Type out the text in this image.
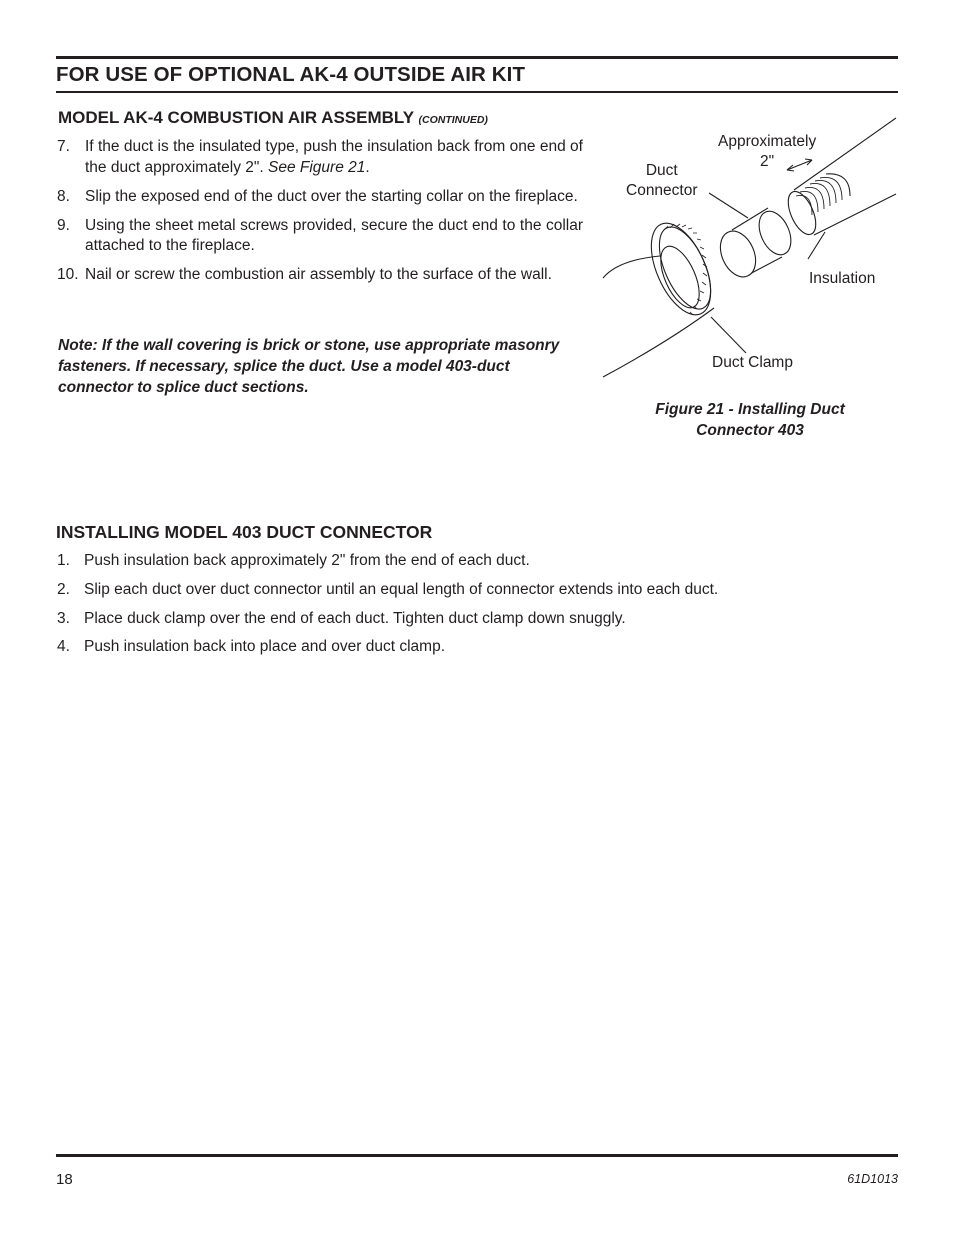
FOR USE OF OPTIONAL AK-4 OUTSIDE AIR KIT
MODEL AK-4 COMBUSTION AIR ASSEMBLY (CONTINUED)
7. If the duct is the insulated type, push the insulation back from one end of the duct approximately 2". See Figure 21.
8. Slip the exposed end of the duct over the starting collar on the fireplace.
9. Using the sheet metal screws provided, secure the duct end to the collar attached to the fireplace.
10. Nail or screw the combustion air assembly to the surface of the wall.

Note: If the wall covering is brick or stone, use appropriate masonry fasteners. If necessary, splice the duct. Use a model 403-duct connector to splice duct sections.

Approximately
2"
Duct
Connector
Insulation
Duct Clamp
Figure 21 - Installing Duct
Connector 403
INSTALLING MODEL 403 DUCT CONNECTOR
1. Push insulation back approximately 2" from the end of each duct.
2. Slip each duct over duct connector until an equal length of connector extends into each duct.
3. Place duck clamp over the end of each duct. Tighten duct clamp down snuggly.
4. Push insulation back into place and over duct clamp.
18	61D1013
